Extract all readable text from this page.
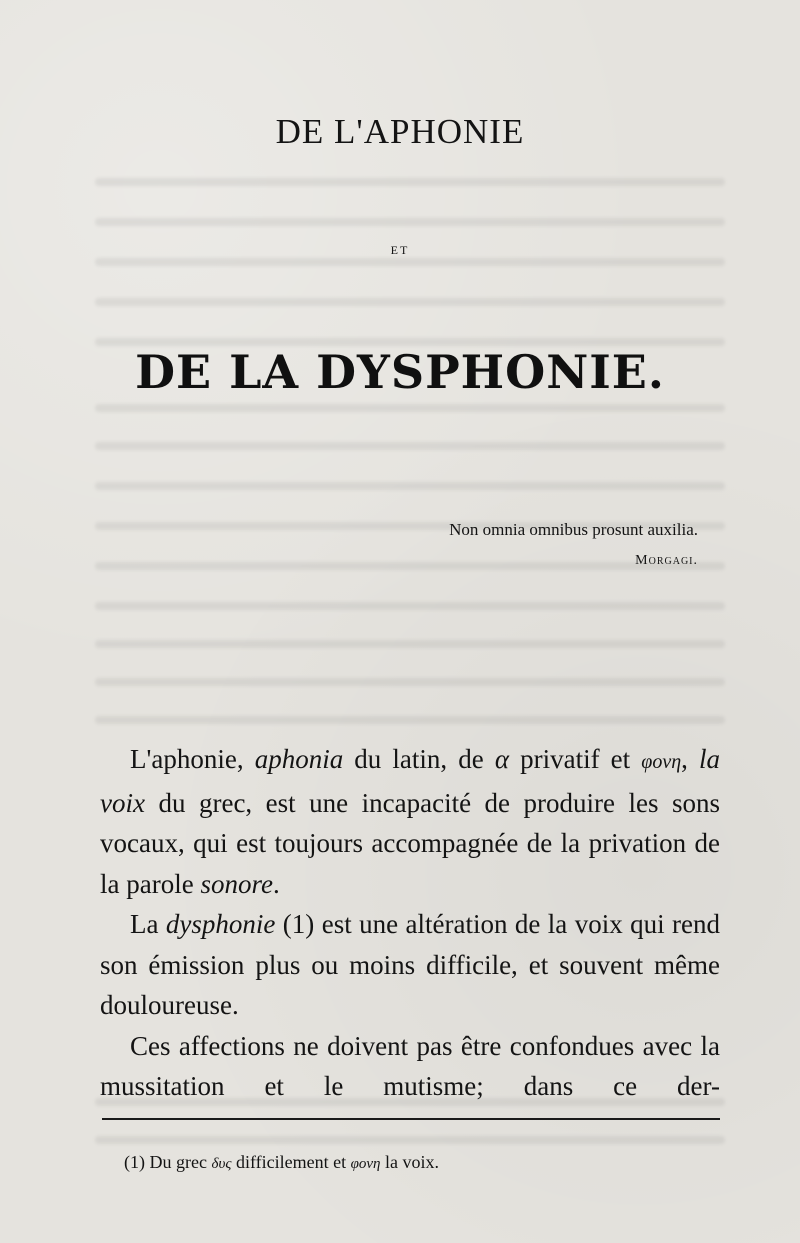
DE L'APHONIE
ET
DE LA DYSPHONIE.
Non omnia omnibus prosunt auxilia.
Morgagi.

L'aphonie, aphonia du latin, de α privatif et φονη, la voix du grec, est une incapacité de produire les sons vocaux, qui est toujours accompagnée de la privation de la parole sonore.

La dysphonie (1) est une altération de la voix qui rend son émission plus ou moins difficile, et souvent même douloureuse.

Ces affections ne doivent pas être confondues avec la mussitation et le mutisme; dans ce der-

(1) Du grec δυς difficilement et φονη la voix.
